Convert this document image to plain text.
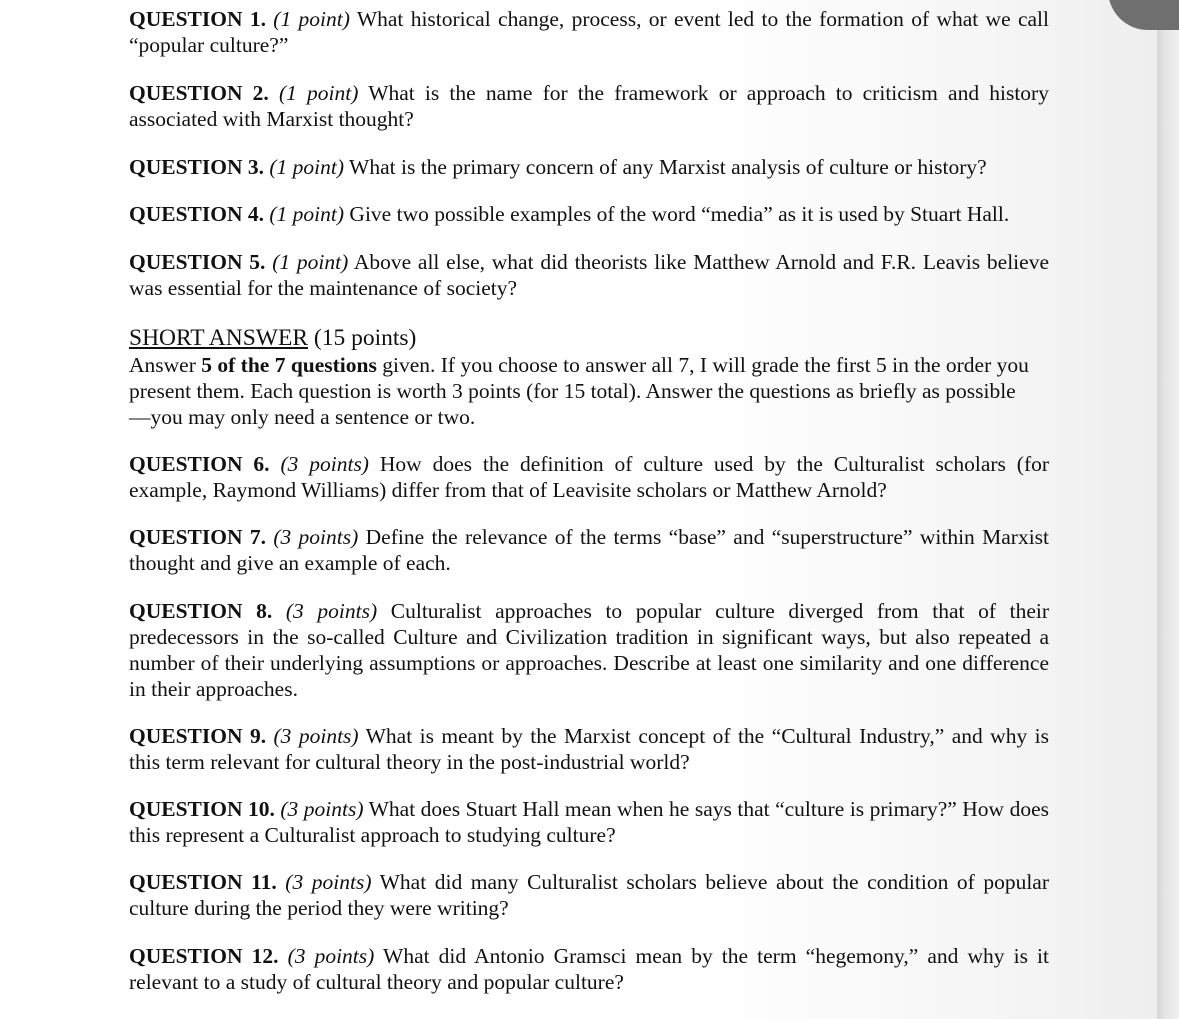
QUESTION 1. (1 point) What historical change, process, or event led to the formation of what we call “popular culture?”

QUESTION 2. (1 point) What is the name for the framework or approach to criticism and history associated with Marxist thought?

QUESTION 3. (1 point) What is the primary concern of any Marxist analysis of culture or history?

QUESTION 4. (1 point) Give two possible examples of the word “media” as it is used by Stuart Hall.

QUESTION 5. (1 point) Above all else, what did theorists like Matthew Arnold and F.R. Leavis believe was essential for the maintenance of society?

SHORT ANSWER (15 points)

Answer 5 of the 7 questions given. If you choose to answer all 7, I will grade the first 5 in the order you present them. Each question is worth 3 points (for 15 total). Answer the questions as briefly as possible—you may only need a sentence or two.

QUESTION 6. (3 points) How does the definition of culture used by the Culturalist scholars (for example, Raymond Williams) differ from that of Leavisite scholars or Matthew Arnold?

QUESTION 7. (3 points) Define the relevance of the terms “base” and “superstructure” within Marxist thought and give an example of each.

QUESTION 8. (3 points) Culturalist approaches to popular culture diverged from that of their predecessors in the so-called Culture and Civilization tradition in significant ways, but also repeated a number of their underlying assumptions or approaches. Describe at least one similarity and one difference in their approaches.

QUESTION 9. (3 points) What is meant by the Marxist concept of the “Cultural Industry,” and why is this term relevant for cultural theory in the post-industrial world?

QUESTION 10. (3 points) What does Stuart Hall mean when he says that “culture is primary?” How does this represent a Culturalist approach to studying culture?

QUESTION 11. (3 points) What did many Culturalist scholars believe about the condition of popular culture during the period they were writing?

QUESTION 12. (3 points) What did Antonio Gramsci mean by the term “hegemony,” and why is it relevant to a study of cultural theory and popular culture?
